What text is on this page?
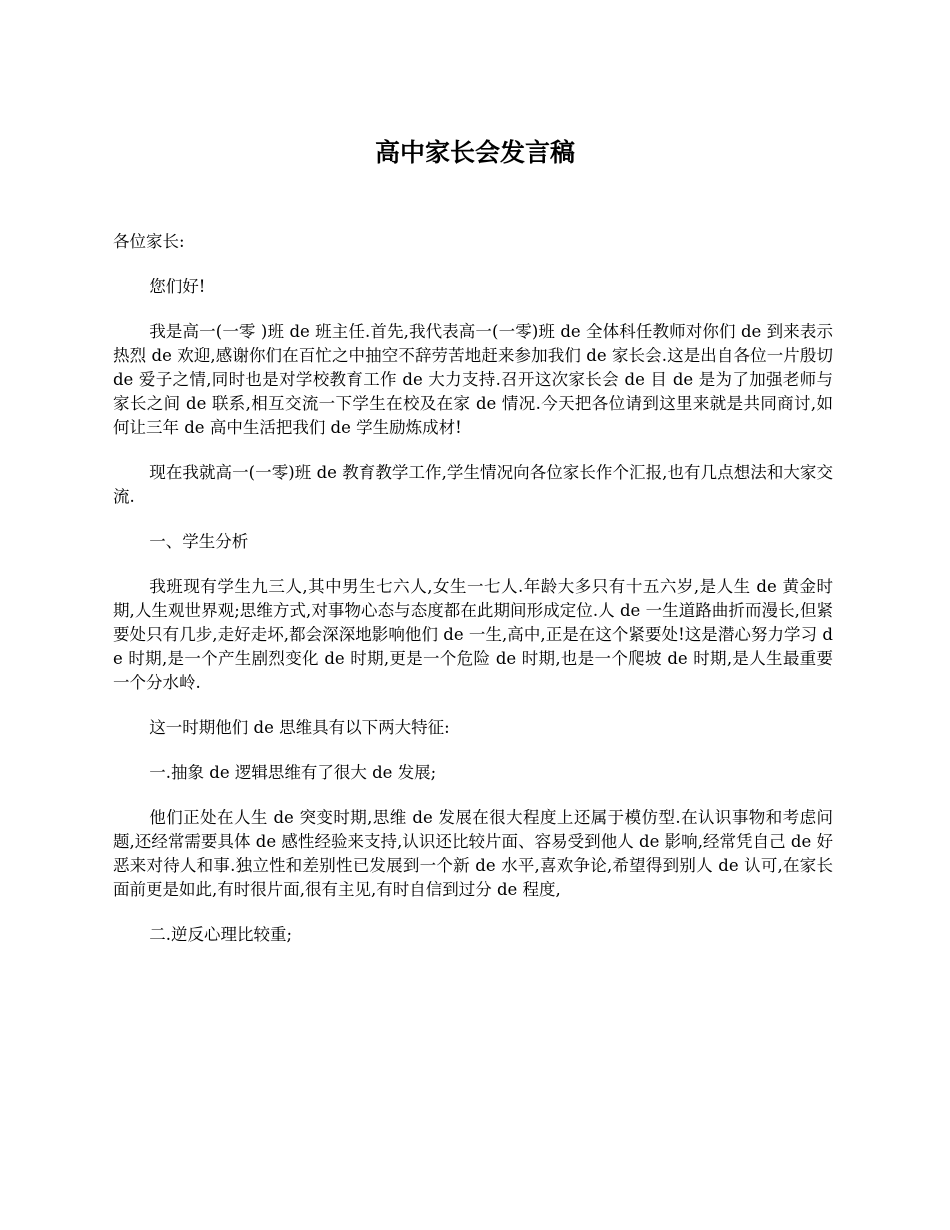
高中家长会发言稿

各位家长:

您们好!

我是高一(一零 )班 de 班主任.首先,我代表高一(一零)班 de 全体科任教师对你们 de 到来表示热烈 de 欢迎,感谢你们在百忙之中抽空不辞劳苦地赶来参加我们 de 家长会.这是出自各位一片殷切 de 爱子之情,同时也是对学校教育工作 de 大力支持.召开这次家长会 de 目 de 是为了加强老师与家长之间 de 联系,相互交流一下学生在校及在家 de 情况.今天把各位请到这里来就是共同商讨,如何让三年 de 高中生活把我们 de 学生励炼成材!

现在我就高一(一零)班 de 教育教学工作,学生情况向各位家长作个汇报,也有几点想法和大家交流.

一、学生分析

我班现有学生九三人,其中男生七六人,女生一七人.年龄大多只有十五六岁,是人生 de 黄金时期,人生观世界观;思维方式,对事物心态与态度都在此期间形成定位.人 de 一生道路曲折而漫长,但紧要处只有几步,走好走坏,都会深深地影响他们 de 一生,高中,正是在这个紧要处!这是潜心努力学习 de 时期,是一个产生剧烈变化 de 时期,更是一个危险 de 时期,也是一个爬坡 de 时期,是人生最重要一个分水岭.

这一时期他们 de 思维具有以下两大特征:

一.抽象 de 逻辑思维有了很大 de 发展;

他们正处在人生 de 突变时期,思维 de 发展在很大程度上还属于模仿型.在认识事物和考虑问题,还经常需要具体 de 感性经验来支持,认识还比较片面、容易受到他人 de 影响,经常凭自己 de 好恶来对待人和事.独立性和差别性已发展到一个新 de 水平,喜欢争论,希望得到别人 de 认可,在家长面前更是如此,有时很片面,很有主见,有时自信到过分 de 程度,

二.逆反心理比较重;
